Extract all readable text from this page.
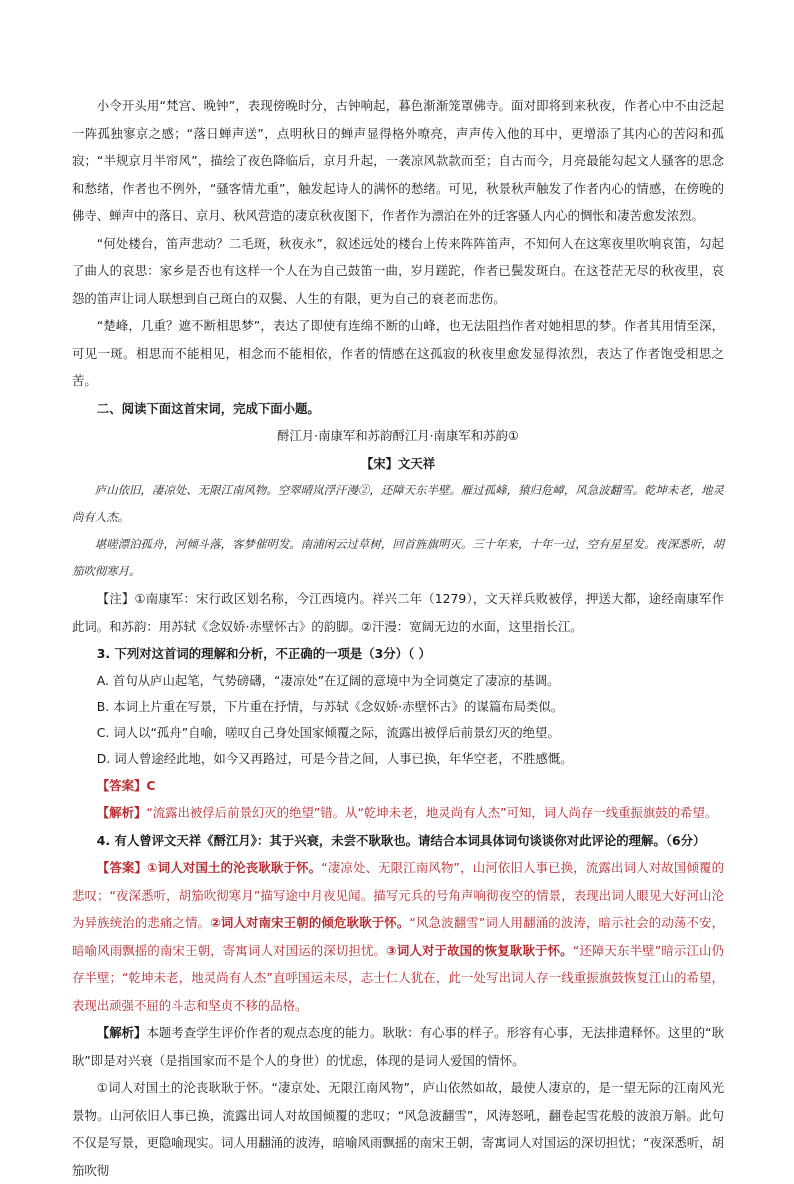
小令开头用“梵宫、晚钟”，表现傍晚时分，古钟响起，暮色渐渐笼罩佛寺。面对即将到来秋夜，作者心中不由泛起一阵孤独寥京之感；“落日蝉声送”，点明秋日的蝉声显得格外嘹亮，声声传入他的耳中，更增添了其内心的苦闷和孤寂；“半规京月半帘风”，描绘了夜色降临后，京月升起，一袭凉风款款而至；自古而今，月亮最能勾起文人骚客的思念和愁绪，作者也不例外，“骚客情尤重”，触发起诗人的满怀的愁绪。可见，秋景秋声触发了作者内心的情感，在傍晚的佛寺、蝉声中的落日、京月、秋风营造的凄京秋夜图下，作者作为漂泊在外的迁客骚人内心的惆怅和凄苦愈发浓烈。

“何处楼台，笛声悲动？二毛斑，秋夜永”，叙述远处的楼台上传来阵阵笛声，不知何人在这寒夜里吹响哀笛，勾起了曲人的哀思：家乡是否也有这样一个人在为自己鼓笛一曲，岁月蹉跎，作者已鬓发斑白。在这苍茫无尽的秋夜里，哀怨的笛声让词人联想到自己斑白的双鬓、人生的有限，更为自己的衰老而悲伤。

“楚峰，几重？遮不断相思梦”，表达了即使有连绵不断的山峰，也无法阻挡作者对她相思的梦。作者其用情至深，可见一斑。相思而不能相见，相念而不能相依，作者的情感在这孤寂的秋夜里愈发显得浓烈，表达了作者饱受相思之苦。

二、阅读下面这首宋词，完成下面小题。

酹江月·南康军和苏韵酹江月·南康军和苏韵①

【宋】文天祥

庐山依旧，凄凉处、无限江南风物。空翠晴岚浮汗漫②，还障天东半壁。雁过孤峰，猿归危嶂，风急波翻雪。乾坤未老，地灵尚有人杰。

堪嗟漂泊孤舟，河倾斗落，客梦催明发。南浦闲云过草树，回首旌旗明灭。三十年来，十年一过，空有星星发。夜深悉听，胡笳吹彻寒月。

【注】①南康军：宋行政区划名称，今江西境内。祥兴二年（1279），文天祥兵败被俘，押送大都，途经南康军作此词。和苏韵：用苏轼《念奴娇·赤壁怀古》的韵脚。②汗漫：宽阔无边的水面，这里指长江。

3. 下列对这首词的理解和分析，不正确的一项是（3分）（ ）

A. 首句从庐山起笔，气势磅礴，“凄凉处”在辽阔的意境中为全词奠定了凄凉的基调。

B. 本词上片重在写景，下片重在抒情，与苏轼《念奴娇·赤壁怀古》的谋篇布局类似。

C. 词人以“孤舟”自喻，嗟叹自己身处国家倾覆之际，流露出被俘后前景幻灭的绝望。

D. 词人曾途经此地，如今又再路过，可是今昔之间，人事已换，年华空老，不胜感慨。

【答案】C

【解析】“流露出被俘后前景幻灭的绝望”错。从“乾坤未老，地灵尚有人杰”可知，词人尚存一线重振旗鼓的希望。

4. 有人曾评文天祥《酹江月》：其于兴衰，未尝不耿耿也。请结合本词具体词句谈谈你对此评论的理解。（6分）

【答案】①词人对国土的沦丧耿耿于怀。“凄凉处、无限江南风物”，山河依旧人事已换，流露出词人对故国倾覆的悲叹；“夜深悉听，胡笳吹彻寒月”描写途中月夜见闻。描写元兵的号角声响彻夜空的情景，表现出词人眼见大好河山沦为异族统治的悲痛之情。②词人对南宋王朝的倾危耿耿于怀。“风急波翻雪”词人用翻涌的波涛，暗示社会的动荡不安，暗喻风雨飘摇的南宋王朝，寄寓词人对国运的深切担忧。③词人对于故国的恢复耿耿于怀。“还障天东半壁”暗示江山仍存半壁；“乾坤未老，地灵尚有人杰”直呼国运未尽，志士仁人犹在，此一处写出词人存一线重振旗鼓恢复江山的希望，表现出顽强不屈的斗志和坚贞不移的品格。

【解析】本题考查学生评价作者的观点态度的能力。耿耿：有心事的样子。形容有心事，无法排遣释怀。这里的“耿耿”即是对兴衰（是指国家而不是个人的身世）的忧虑，体现的是词人爱国的情怀。

①词人对国土的沦丧耿耿于怀。“凄京处、无限江南风物”，庐山依然如故，最使人凄京的，是一望无际的江南风光景物。山河依旧人事已换，流露出词人对故国倾覆的悲叹；“风急波翻雪”，风涛怒吼，翻卷起雪花般的波浪万斛。此句不仅是写景，更隐喻现实。词人用翻涌的波涛，暗喻风雨飘摇的南宋王朝，寄寓词人对国运的深切担忧；“夜深悉听，胡笳吹彻
